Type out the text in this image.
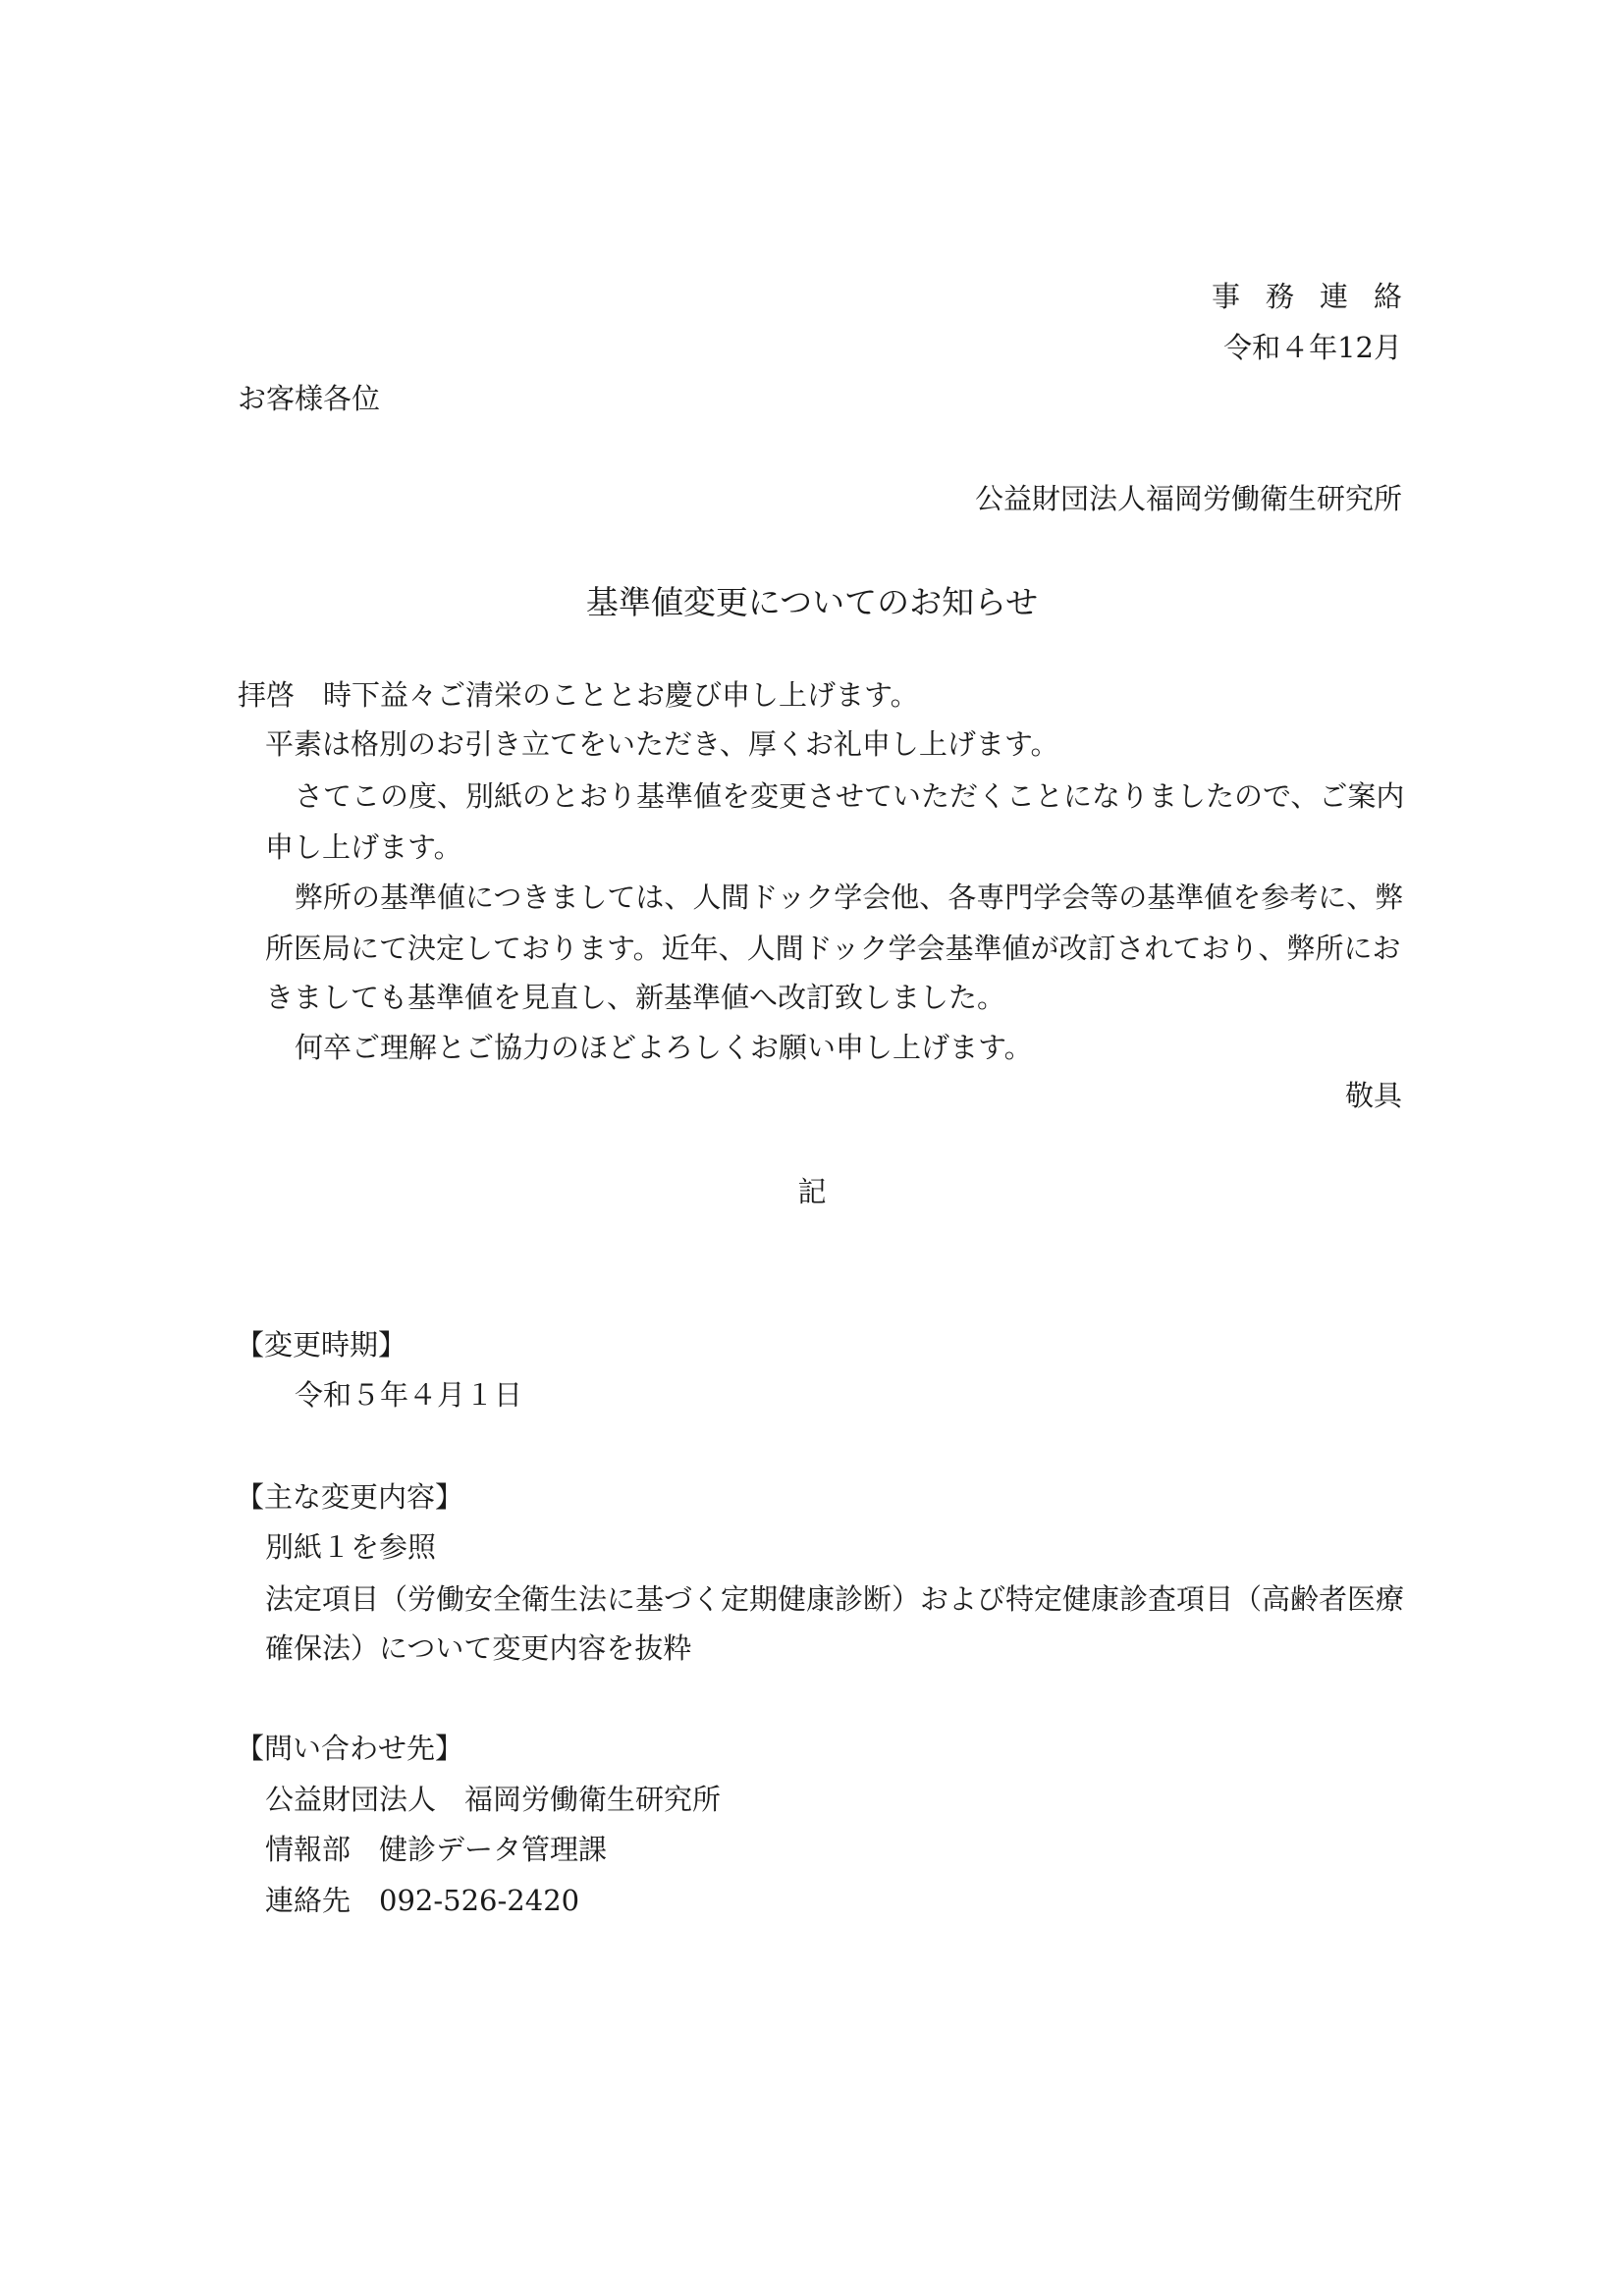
事務連絡
令和４年12月
お客様各位
公益財団法人福岡労働衛生研究所
基準値変更についてのお知らせ
拝啓　時下益々ご清栄のこととお慶び申し上げます。
平素は格別のお引き立てをいただき、厚くお礼申し上げます。
さてこの度、別紙のとおり基準値を変更させていただくことになりましたので、ご案内
申し上げます。
弊所の基準値につきましては、人間ドック学会他、各専門学会等の基準値を参考に、弊
所医局にて決定しております。近年、人間ドック学会基準値が改訂されており、弊所にお
きましても基準値を見直し、新基準値へ改訂致しました。
何卒ご理解とご協力のほどよろしくお願い申し上げます。
敬具
記
【変更時期】
令和５年４月１日
【主な変更内容】
別紙１を参照
法定項目（労働安全衛生法に基づく定期健康診断）および特定健康診査項目（高齢者医療
確保法）について変更内容を抜粋
【問い合わせ先】
公益財団法人　福岡労働衛生研究所
情報部　健診データ管理課
連絡先　092-526-2420
